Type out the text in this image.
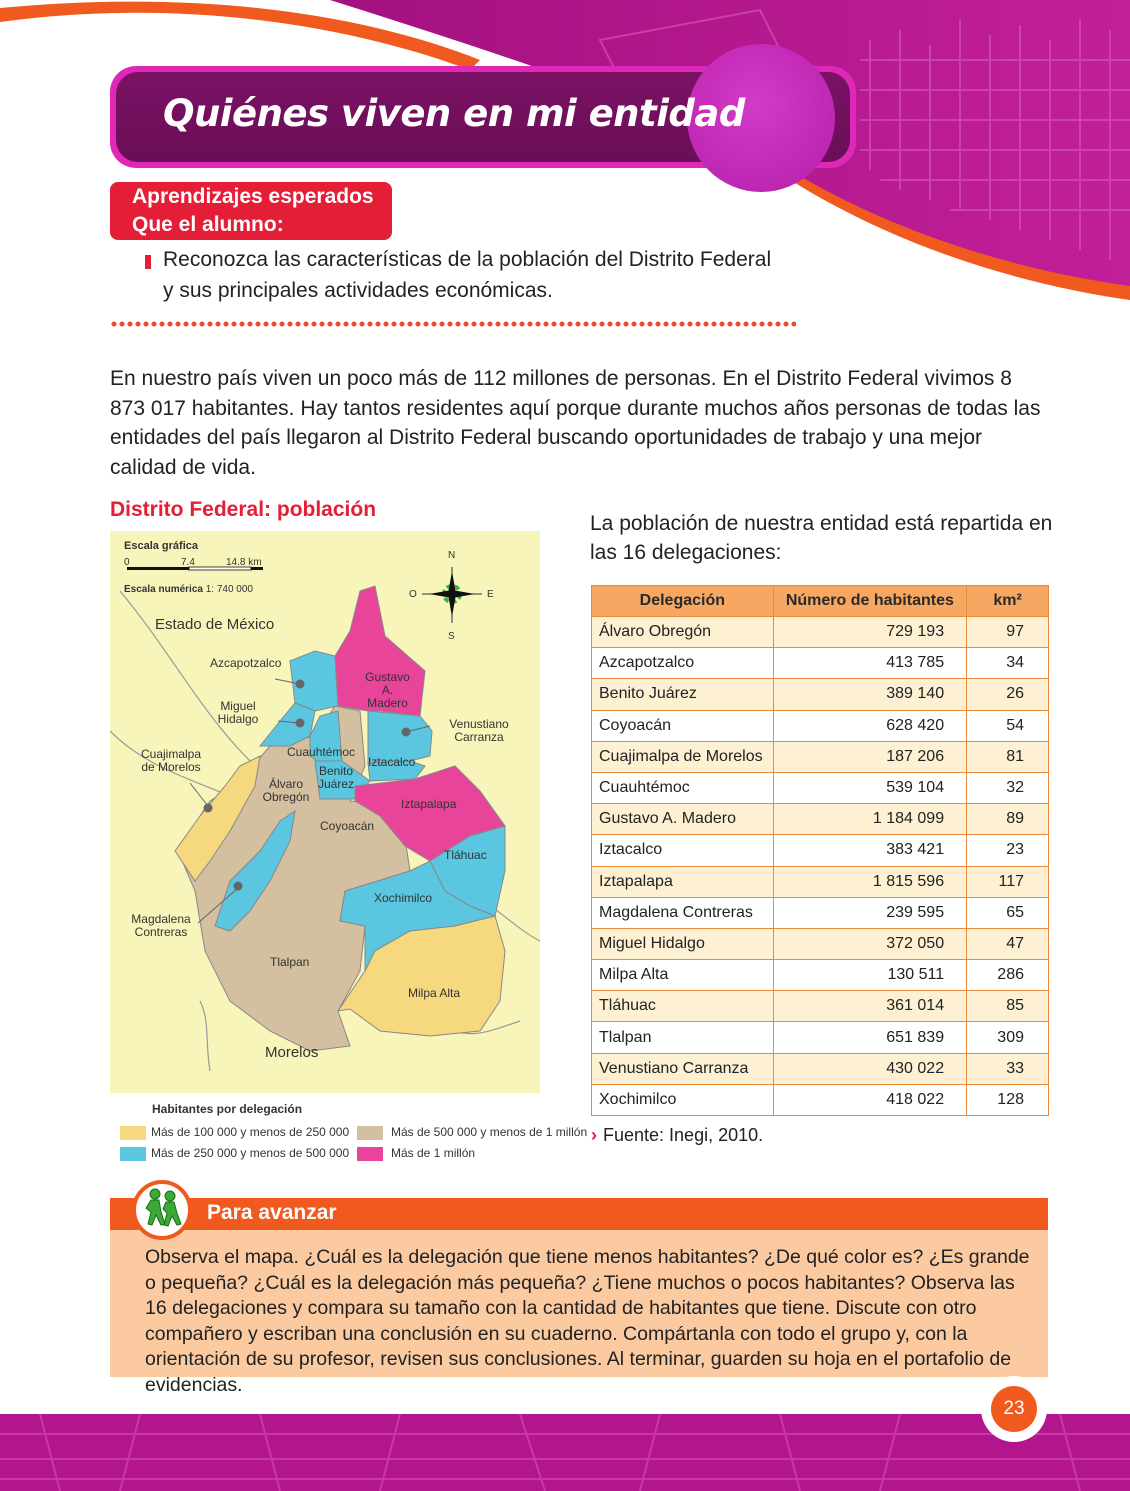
Quiénes viven en mi entidad
Aprendizajes esperados
Que el alumno:
Reconozca las características de la población del Distrito Federal
y sus principales actividades económicas.

En nuestro país viven un poco más de 112 millones de personas. En el Distrito Federal vivimos 8 873 017 habitantes. Hay tantos residentes aquí porque durante muchos años personas de todas las entidades del país llegaron al Distrito Federal buscando oportunidades de trabajo y una mejor calidad de vida.

Distrito Federal: población
Escala gráfica
0	7.4	14.8 km
Escala numérica 1: 740 000
N
S
E
O
Estado de México
Morelos
Azcapotzalco
Gustavo
A. Madero
Miguel
Hidalgo	Venustiano
Carranza
Cuauhtémoc
Cuajimalpa
de Morelos	Iztacalco
Benito
Juárez
Álvaro
Obregón	Iztapalapa
Coyoacán
Tláhuac
Xochimilco
Magdalena
Contreras
Tlalpan
Milpa Alta
Habitantes por delegación
Más de 100 000 y menos de 250 000
Más de 250 000 y menos de 500 000
Más de 500 000 y menos de 1 millón
Más de 1 millón

La población de nuestra entidad está repartida en las 16 delegaciones:

Delegación	Número de habitantes	km²
Álvaro Obregón	729 193	97
Azcapotzalco	413 785	34
Benito Juárez	389 140	26
Coyoacán	628 420	54
Cuajimalpa de Morelos	187 206	81
Cuauhtémoc	539 104	32
Gustavo A. Madero	1 184 099	89
Iztacalco	383 421	23
Iztapalapa	1 815 596	117
Magdalena Contreras	239 595	65
Miguel Hidalgo	372 050	47
Milpa Alta	130 511	286
Tláhuac	361 014	85
Tlalpan	651 839	309
Venustiano Carranza	430 022	33
Xochimilco	418 022	128
› Fuente: Inegi, 2010.
Para avanzar

Observa el mapa. ¿Cuál es la delegación que tiene menos habitantes? ¿De qué color es? ¿Es grande o pequeña? ¿Cuál es la delegación más pequeña? ¿Tiene muchos o pocos habitantes? Observa las 16 delegaciones y compara su tamaño con la cantidad de habitantes que tiene. Discute con otro compañero y escriban una conclusión en su cuaderno. Compártanla con todo el grupo y, con la orientación de su profesor, revisen sus conclusiones. Al terminar, guarden su hoja en el portafolio de evidencias.

23
